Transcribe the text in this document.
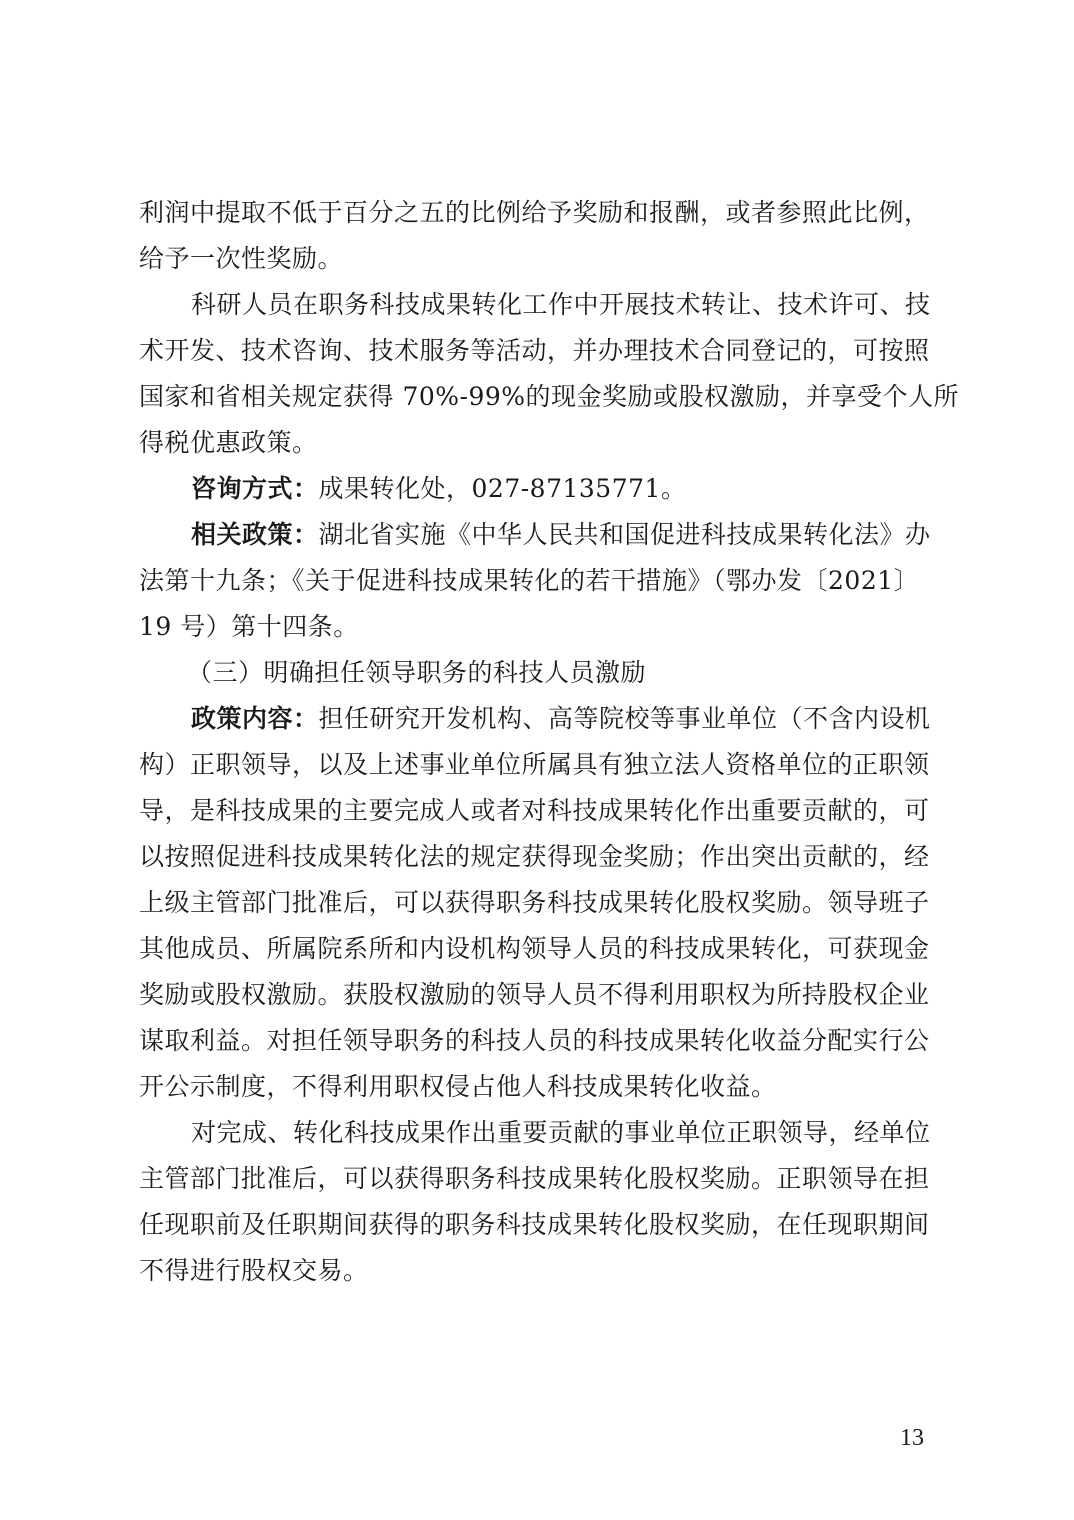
利润中提取不低于百分之五的比例给予奖励和报酬，或者参照此比例，
给予一次性奖励。
科研人员在职务科技成果转化工作中开展技术转让、技术许可、技
术开发、技术咨询、技术服务等活动，并办理技术合同登记的，可按照
国家和省相关规定获得 70%-99%的现金奖励或股权激励，并享受个人所
得税优惠政策。
咨询方式：成果转化处，027-87135771。
相关政策：湖北省实施《中华人民共和国促进科技成果转化法》办
法第十九条；《关于促进科技成果转化的若干措施》（鄂办发〔2021〕
19 号）第十四条。
（三）明确担任领导职务的科技人员激励
政策内容：担任研究开发机构、高等院校等事业单位（不含内设机
构）正职领导，以及上述事业单位所属具有独立法人资格单位的正职领
导，是科技成果的主要完成人或者对科技成果转化作出重要贡献的，可
以按照促进科技成果转化法的规定获得现金奖励；作出突出贡献的，经
上级主管部门批准后，可以获得职务科技成果转化股权奖励。领导班子
其他成员、所属院系所和内设机构领导人员的科技成果转化，可获现金
奖励或股权激励。获股权激励的领导人员不得利用职权为所持股权企业
谋取利益。对担任领导职务的科技人员的科技成果转化收益分配实行公
开公示制度，不得利用职权侵占他人科技成果转化收益。
对完成、转化科技成果作出重要贡献的事业单位正职领导，经单位
主管部门批准后，可以获得职务科技成果转化股权奖励。正职领导在担
任现职前及任职期间获得的职务科技成果转化股权奖励，在任现职期间
不得进行股权交易。
13
